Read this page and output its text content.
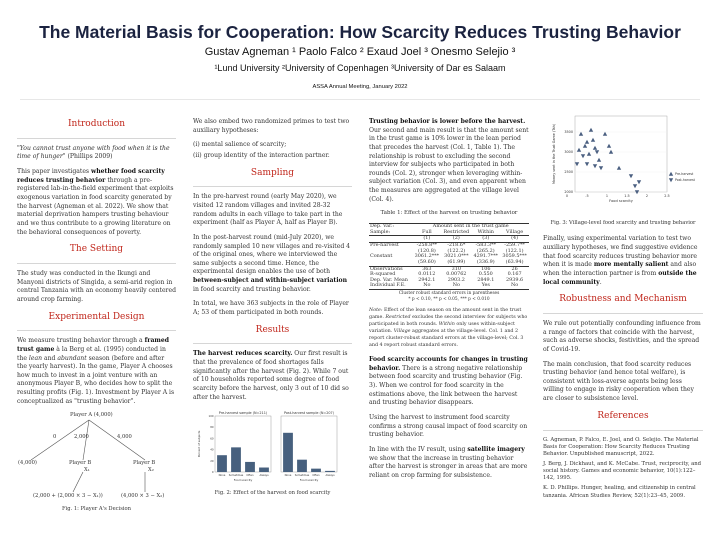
The Material Basis for Cooperation: How Scarcity Reduces Trusting Behavior
Gustav Agneman ¹ Paolo Falco ² Exaud Joel ³ Onesmo Selejio ³
¹Lund University ²University of Copenhagen ³University of Dar es Salaam
ASSA Annual Meeting, January 2022
Introduction

"You cannot trust anyone with food when it is the time of hunger" (Phillips 2009)

This paper investigates whether food scarcity reduces trusting behavior through a pre-registered lab-in-the-field experiment that exploits exogenous variation in food scarcity generated by the harvest (Agneman et al. 2022). We show that material deprivation hampers trusting behaviour and we thus contribute to a growing literature on the behavioral consequences of poverty.

The Setting

The study was conducted in the Ikungi and Manyoni districts of Singida, a semi-arid region in central Tanzania with an economy heavily centered around crop farming.

Experimental Design

We measure trusting behavior through a framed trust game à la Berg et al. (1995) conducted in the lean and abundant season (before and after the yearly harvest). In the game, Player A chooses how much to invest in a joint venture with an anonymous Player B, who decides how to split the resulting profits (Fig. 1). Investment by Player A is conceptualized as "trusting behavior".

Player A (4,000)
0	2,000	4,000
(4,000)	Player B
X₁
Player B
X₂
(2,000 + (2,000 × 3 − X₁))	(4,000 × 3 − X₂)
Fig. 1: Player A's Decision

We also embed two randomized primes to test two auxiliary hypotheses:

(i) mental salience of scarcity;

(ii) group identity of the interaction partner.

Sampling

In the pre-harvest round (early May 2020), we visited 12 random villages and invited 28-32 random adults in each village to take part in the experiment (half as Player A, half as Player B).

In the post-harvest round (mid-July 2020), we randomly sampled 10 new villages and re-visited 4 of the original ones, where we interviewed the same subjects a second time. Hence, the experimental design enables the use of both between-subject and within-subject variation in food scarcity and trusting behavior.

In total, we have 363 subjects in the role of Player A; 53 of them participated in both rounds.

Results

The harvest reduces scarcity. Our first result is that the prevalence of food shortages falls significantly after the harvest (Fig. 2). While 7 out of 10 households reported some degree of food scarcity before the harvest, only 3 out of 10 did so after the harvest.

Pre-harvest sample (N=211)
None Sometimes Often Always
Food scarcity
0
20
40
60
80
100
Percent of subjects
Post-harvest sample (N=207)
None Sometimes Often Always
Food scarcity
Fig. 2: Effect of the harvest on food scarcity

Trusting behavior is lower before the harvest. Our second and main result is that the amount sent in the trust game is 10% lower in the lean period that precedes the harvest (Col. 1, Table 1). The relationship is robust to excluding the second interview for subjects who participated in both rounds (Col. 2), stronger when leveraging within-subject variation (Col. 3), and even apparent when the measures are aggregated at the village level (Col. 4).

Table 1: Effect of the harvest on trusting behavior
Dep. Var.:	Amount sent in the trust game			
Sample:	Full	Restricted	Within	Village
	(1)	(2)	(3)	(4)
Pre-harvest	-258.8**	-218.6*	-583.3**	-259.7**
	(120.8)	(122.2)	(265.2)	(122.1)
Constant	3061.2***	3021.0***	4291.7***	3059.5***
	(59.60)	(61.99)	(336.9)	(63.94)
Observations	363	310	106	26
R-squared	0.0112	0.00762	0.550	0.167
Dep. Var. Mean	2942.1	2903.2	2849.1	2939.6
Individual F.E.	No	No	Yes	No
Cluster robust standard errors in parentheses
* p < 0.10, ** p < 0.05, *** p < 0.010
Note: Effect of the lean season on the amount sent in the trust game. Restricted excludes the second interview for subjects who participated in both rounds. Within only uses within-subject variation. Village aggregates at the village-level. Col. 1 and 2 report cluster-robust standard errors at the village-level; Col. 3 and 4 report robust standard errors.

Food scarcity accounts for changes in trusting behavior. There is a strong negative relationship between food scarcity and trusting behavior (Fig. 3). When we control for food scarcity in the estimations above, the link between the harvest and trusting behavior disappears.

Using the harvest to instrument food scarcity confirms a strong causal impact of food scarcity on trusting behavior.

In line with the IV result, using satellite imagery we show that the increase in trusting behavior after the harvest is stronger in areas that are more reliant on crop farming for subsistence.

2000
2500
3000
3500
0	.5	1	1.5	2	2.5
Food scarcity
Money sent in the Trust Game (Tsh)	Pre-harvest
Post-harvest
Fig. 3: Village-level food scarcity and trusting behavior

Finally, using experimental variation to test two auxiliary hypotheses, we find suggestive evidence that food scarcity reduces trusting behavior more when it is made more mentally salient and also when the interaction partner is from outside the local community.

Robustness and Mechanism

We rule out potentially confounding influence from a range of factors that coincide with the harvest, such as adverse shocks, festivities, and the spread of Covid-19.

The main conclusion, that food scarcity reduces trusting behavior (and hence total welfare), is consistent with loss-averse agents being less willing to engage in risky cooperation when they are closer to subsistence level.

References
G. Agneman, P. Falco, E. Joel, and O. Selejio. The Material Basis for Cooperation: How Scarcity Reduces Trusting Behavior. Unpublished manuscript, 2022.
J. Berg, J. Dickhaut, and K. McCabe. Trust, reciprocity, and social history. Games and economic behavior, 10(1):122–142, 1995.
K. D. Phillips. Hunger, healing, and citizenship in central tanzania. African Studies Review, 52(1):23–45, 2009.
